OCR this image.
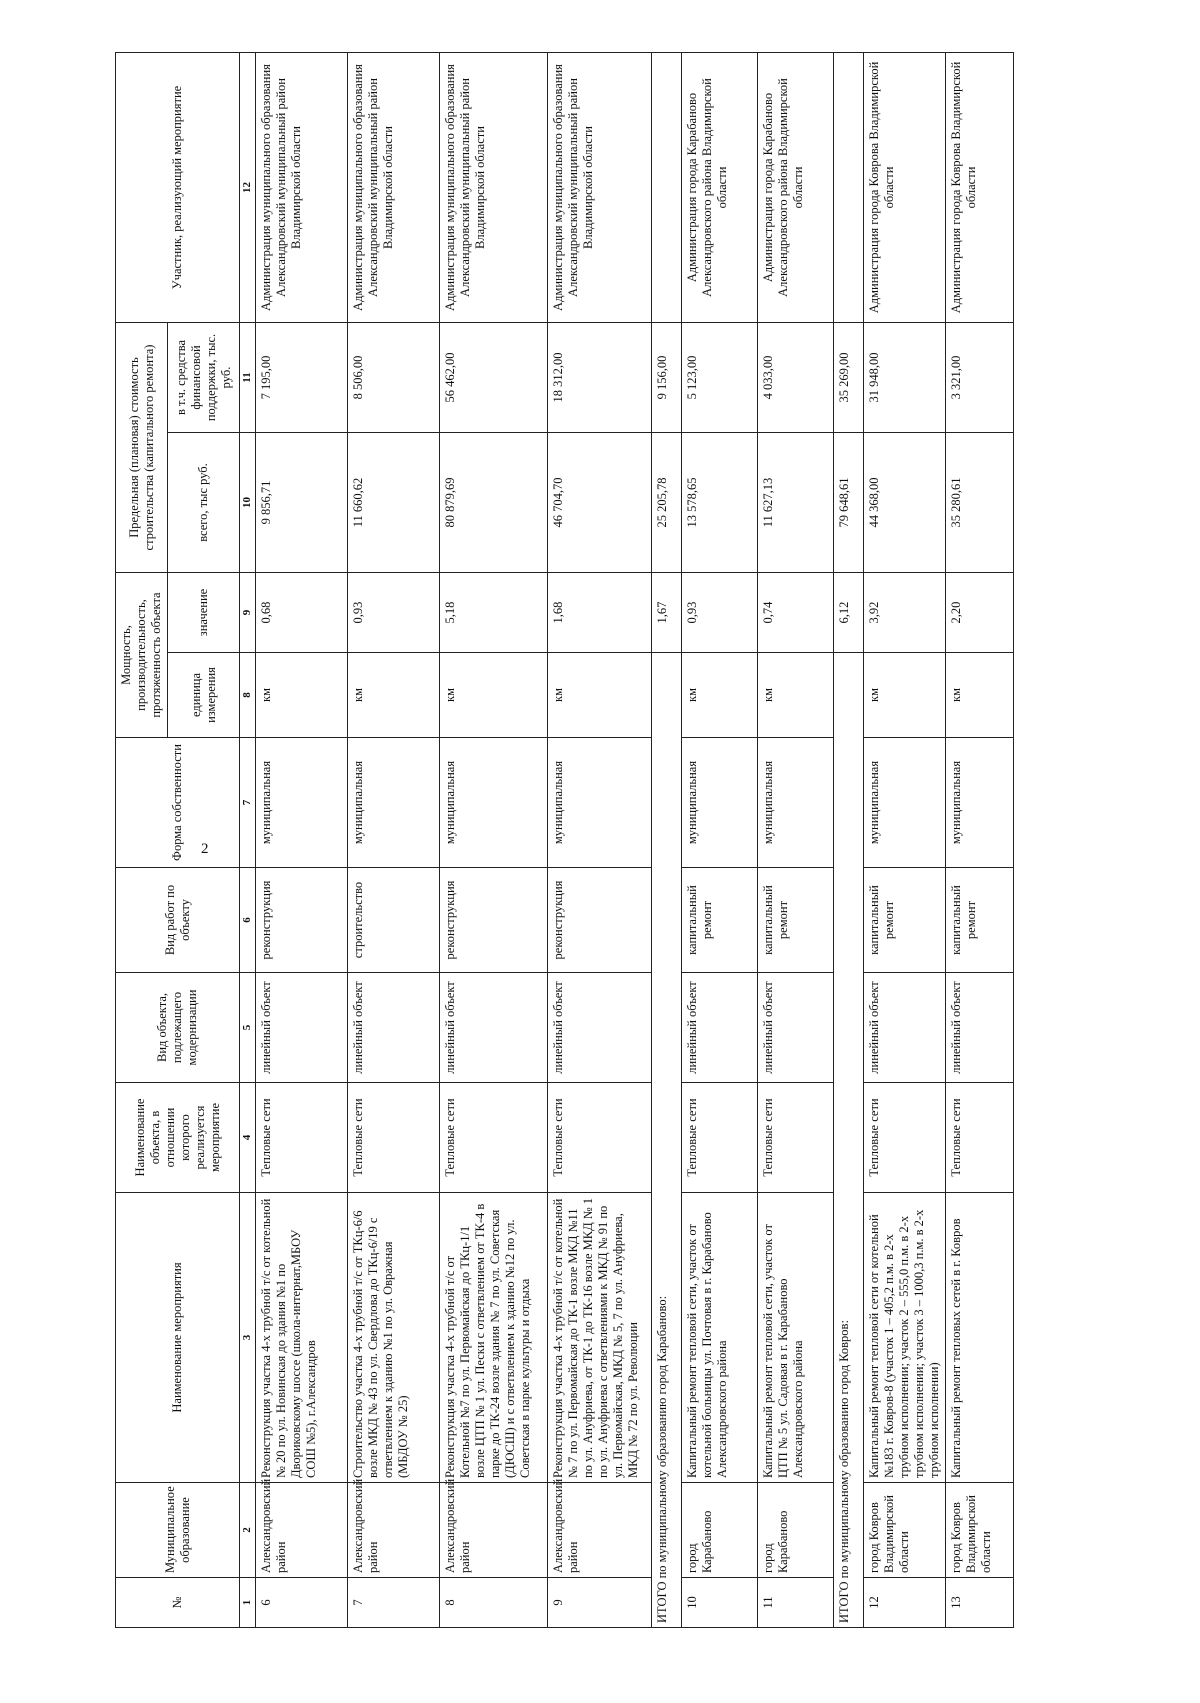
2
№	Муниципальное образование	Наименование мероприятия	Наименование объекта, в отношении которого реализуется мероприятие	Вид объекта, подлежащего модернизации	Вид работ по объекту	Форма собственности	Мощность, производительность, протяженность объекта		Предельная (плановая) стоимость строительства (капитального ремонта)		Участник, реализующий мероприятие
							единица измерения	значение	всего, тыс руб.	в т.ч. средства финансовой поддержки, тыс. руб.	
1	2	3	4	5	6	7	8	9	10	11	12
6	Александровский район	Реконструкция участка 4-х трубной т/с от котельной № 20 по ул. Новинская до здания №1 по Двориковскому шоссе (школа-интернат,МБОУ СОШ №5), г.Александров	Тепловые сети	линейный объект	реконструкция	муниципальная	км	0,68	9 856,71	7 195,00	Администрация муниципального образования Александровский муниципальный район Владимирской области
7	Александровский район	Строительство участка 4-х трубной т/с от ТКц-6/6 возле МКД № 43 по ул. Свердлова до ТКц-6/19 с ответвлением к зданию №1 по ул. Овражная (МБДОУ № 25)	Тепловые сети	линейный объект	строительство	муниципальная	км	0,93	11 660,62	8 506,00	Администрация муниципального образования Александровский муниципальный район Владимирской области
8	Александровский район	Реконструкция участка 4-х трубной т/с от Котельной №7 по ул. Первомайская до ТКц-1/1 возле ЦТП № 1 ул. Пески с ответвлением от ТК-4 в парке до ТК-24 возле здания № 7 по ул. Советская (ДЮСШ) и с ответвлением к зданию №12 по ул. Советская в парке культуры и отдыха	Тепловые сети	линейный объект	реконструкция	муниципальная	км	5,18	80 879,69	56 462,00	Администрация муниципального образования Александровский муниципальный район Владимирской области
9	Александровский район	Реконструкция участка 4-х трубной т/с от котельной № 7 по ул. Первомайская до ТК-1 возле МКД №11 по ул. Ануфриева, от ТК-1 до ТК-16 возле МКД № 1 по ул. Ануфриева с ответвлениями к МКД № 91 по ул. Первомайская, МКД № 5, 7 по ул. Ануфриева, МКД № 72 по ул. Революции	Тепловые сети	линейный объект	реконструкция	муниципальная	км	1,68	46 704,70	18 312,00	Администрация муниципального образования Александровский муниципальный район Владимирской области
ИТОГО по муниципальному образованию город Карабаново:								1,67	25 205,78	9 156,00	
10	город Карабаново	Капитальный ремонт тепловой сети, участок от котельной больницы ул. Почтовая в г. Карабаново Александровского района	Тепловые сети	линейный объект	капитальный ремонт	муниципальная	км	0,93	13 578,65	5 123,00	Администрация города Карабаново Александровского района Владимирской области
11	город Карабаново	Капитальный ремонт тепловой сети, участок от ЦТП № 5 ул. Садовая в г. Карабаново Александровского района	Тепловые сети	линейный объект	капитальный ремонт	муниципальная	км	0,74	11 627,13	4 033,00	Администрация города Карабаново Александровского района Владимирской области
ИТОГО по муниципальному образованию город Ковров:								6,12	79 648,61	35 269,00	
12	город Ковров Владимирской области	Капитальный ремонт тепловой сети от котельной №183 г. Ковров-8 (участок 1 – 405,2 п.м. в 2-х трубном исполнении; участок 2 – 555,0 п.м. в 2-х трубном исполнении; участок 3 – 1000,3 п.м. в 2-х трубном исполнении)	Тепловые сети	линейный объект	капитальный ремонт	муниципальная	км	3,92	44 368,00	31 948,00	Администрация города Коврова Владимирской области
13	город Ковров Владимирской области	Капитальный ремонт тепловых сетей в г. Ковров	Тепловые сети	линейный объект	капитальный ремонт	муниципальная	км	2,20	35 280,61	3 321,00	Администрация города Коврова Владимирской области
